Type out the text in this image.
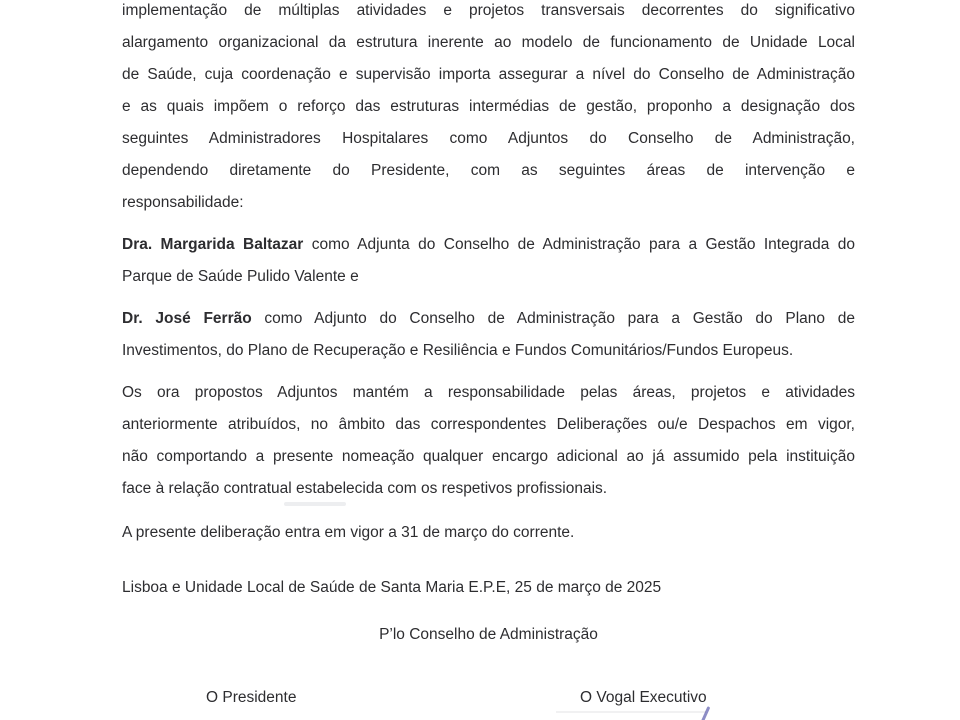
implementação de múltiplas atividades e projetos transversais decorrentes do significativo
alargamento organizacional da estrutura inerente ao modelo de funcionamento de Unidade Local
de Saúde, cuja coordenação e supervisão importa assegurar a nível do Conselho de Administração
e as quais impõem o reforço das estruturas intermédias de gestão, proponho a designação dos
seguintes Administradores Hospitalares como Adjuntos do Conselho de Administração,
dependendo diretamente do Presidente, com as seguintes áreas de intervenção e
responsabilidade:
Dra. Margarida Baltazar como Adjunta do Conselho de Administração para a Gestão Integrada do
Parque de Saúde Pulido Valente e
Dr. José Ferrão como Adjunto do Conselho de Administração para a Gestão do Plano de
Investimentos, do Plano de Recuperação e Resiliência e Fundos Comunitários/Fundos Europeus.
Os ora propostos Adjuntos mantém a responsabilidade pelas áreas, projetos e atividades
anteriormente atribuídos, no âmbito das correspondentes Deliberações ou/e Despachos em vigor,
não comportando a presente nomeação qualquer encargo adicional ao já assumido pela instituição
face à relação contratual estabelecida com os respetivos profissionais.
A presente deliberação entra em vigor a 31 de março do corrente.
Lisboa e Unidade Local de Saúde de Santa Maria E.P.E, 25 de março de 2025
P’lo Conselho de Administração
O Presidente	O Vogal Executivo
